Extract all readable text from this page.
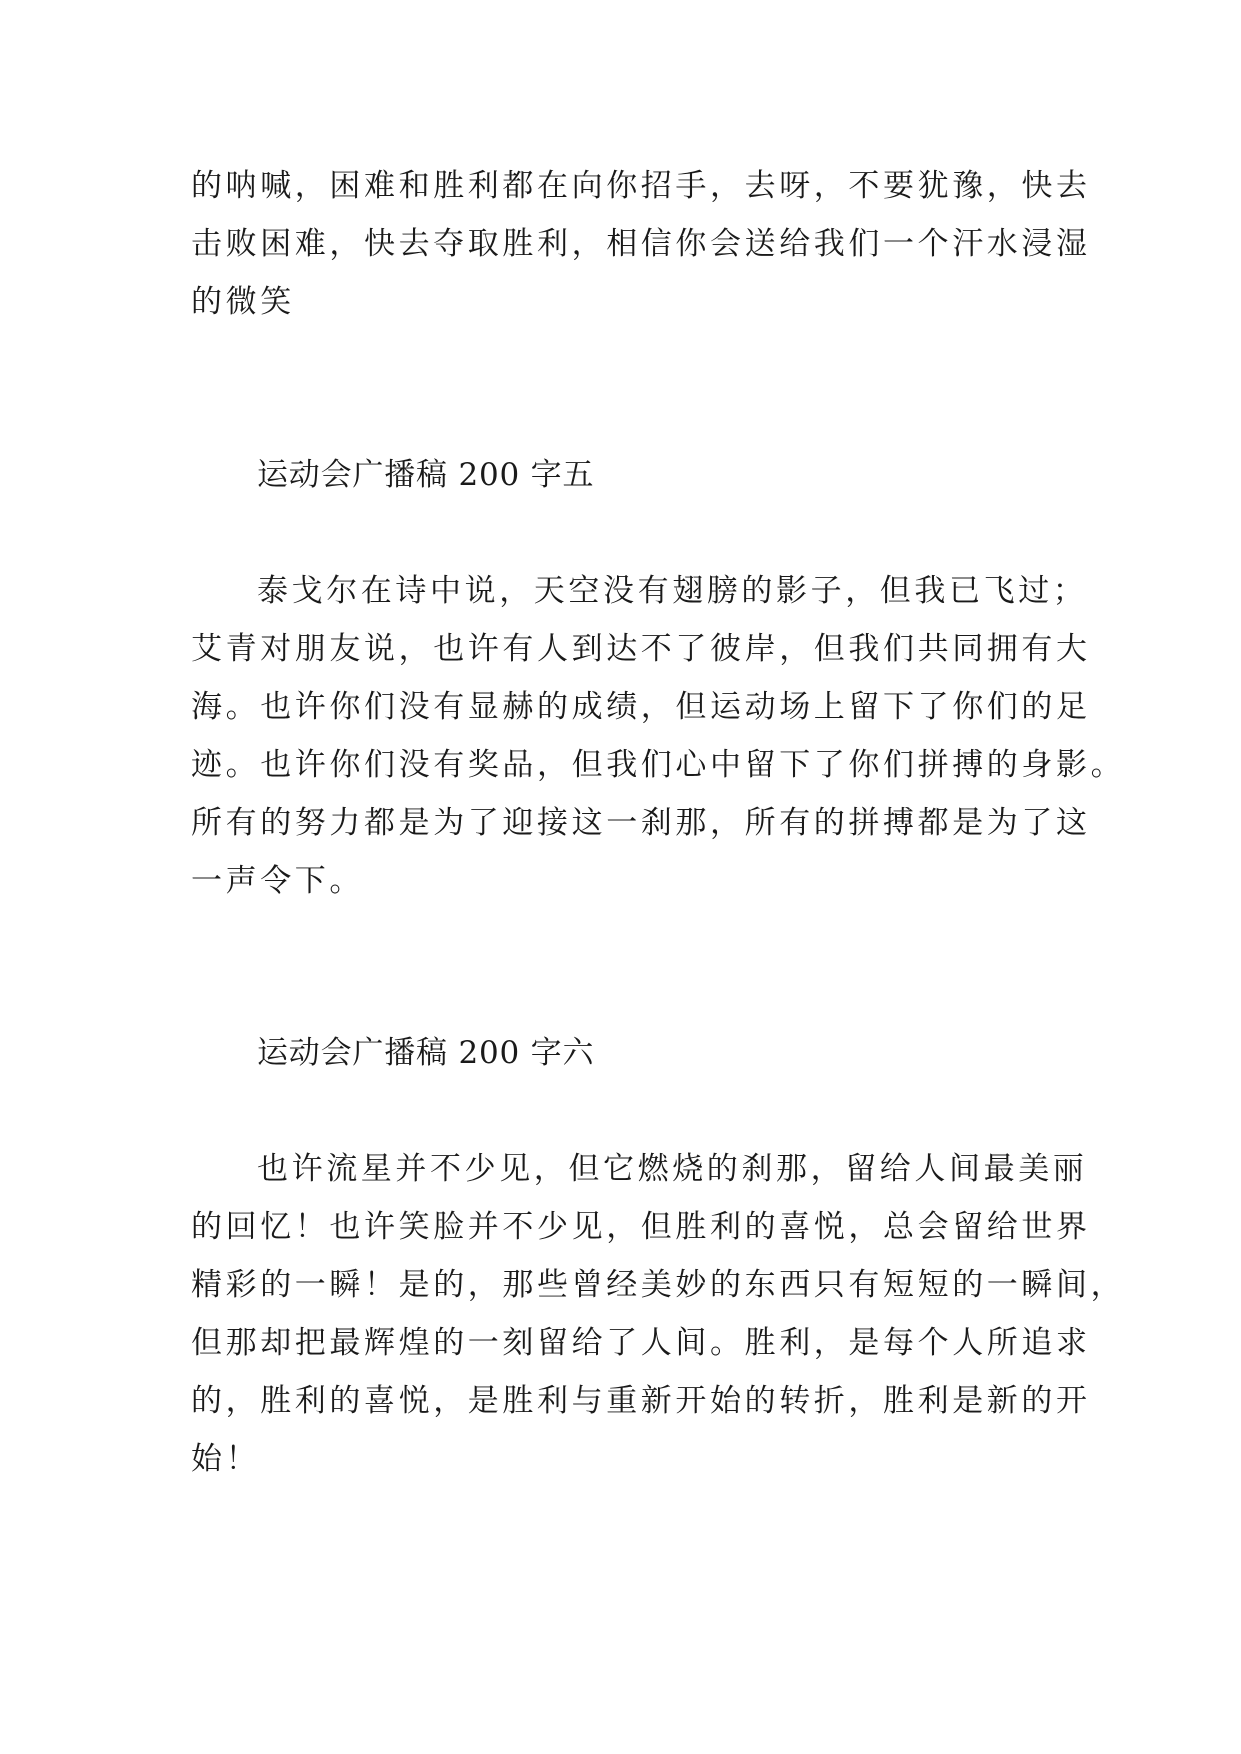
的呐喊，困难和胜利都在向你招手，去呀，不要犹豫，快去
击败困难，快去夺取胜利，相信你会送给我们一个汗水浸湿
的微笑
运动会广播稿 200 字五
泰戈尔在诗中说，天空没有翅膀的影子，但我已飞过；
艾青对朋友说，也许有人到达不了彼岸，但我们共同拥有大
海。也许你们没有显赫的成绩，但运动场上留下了你们的足
迹。也许你们没有奖品，但我们心中留下了你们拼搏的身影。
所有的努力都是为了迎接这一刹那，所有的拼搏都是为了这
一声令下。
运动会广播稿 200 字六
也许流星并不少见，但它燃烧的刹那，留给人间最美丽
的回忆！也许笑脸并不少见，但胜利的喜悦，总会留给世界
精彩的一瞬！是的，那些曾经美妙的东西只有短短的一瞬间，
但那却把最辉煌的一刻留给了人间。胜利，是每个人所追求
的，胜利的喜悦，是胜利与重新开始的转折，胜利是新的开
始！
